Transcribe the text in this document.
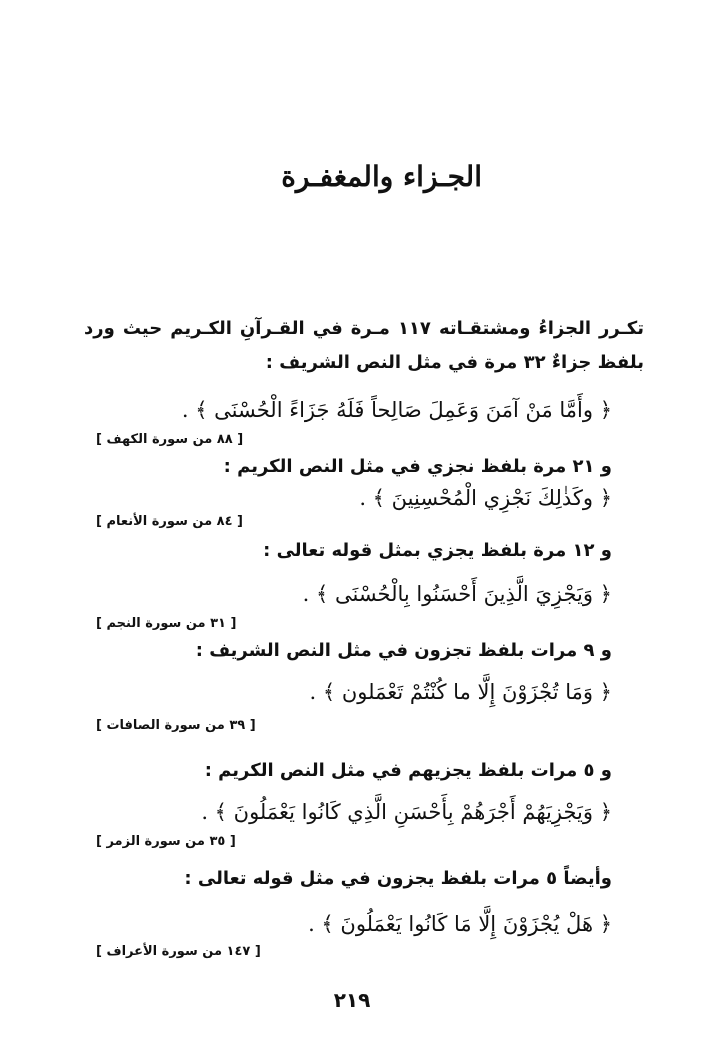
الجـزاء والمغفـرة
تكـرر الجزاءُ ومشتقـاته ١١٧ مـرة في القـرآنِ الكـريم حيث ورد بلفظ جزاءٌ ٣٢ مرة في مثل النص الشريف :
﴿ وأَمَّا مَنْ آمَنَ وَعَمِلَ صَالِحاً فَلَهُ جَزَاءً الْحُسْنَى ﴾ .
[ ٨٨ من سورة الكهف ]
و ٢١ مرة بلفظ نجزي في مثل النص الكريم :
﴿ وكَذٰلِكَ نَجْزِي الْمُحْسِنِينَ ﴾ .
[ ٨٤ من سورة الأنعام ]
و ١٢ مرة بلفظ يجزي بمثل قوله تعالى :
﴿ وَيَجْزِيَ الَّذِينَ أَحْسَنُوا بِالْحُسْنَى ﴾ .
[ ٣١ من سورة النجم ]
و ٩ مرات بلفظ تجزون في مثل النص الشريف :
﴿ وَمَا تُجْزَوْنَ إِلَّا ما كُنْتُمْ تَعْمَلون ﴾ .
[ ٣٩ من سورة الصافات ]
و ٥ مرات بلفظ يجزيهم في مثل النص الكريم :
﴿ وَيَجْزِيَهُمْ أَجْرَهُمْ بِأَحْسَنِ الَّذِي كَانُوا يَعْمَلُونَ ﴾ .
[ ٣٥ من سورة الزمر ]
وأيضاً ٥ مرات بلفظ يجزون في مثل قوله تعالى :
﴿ هَلْ يُجْزَوْنَ إِلَّا مَا كَانُوا يَعْمَلُونَ ﴾ .
[ ١٤٧ من سورة الأعراف ]
٢١٩
